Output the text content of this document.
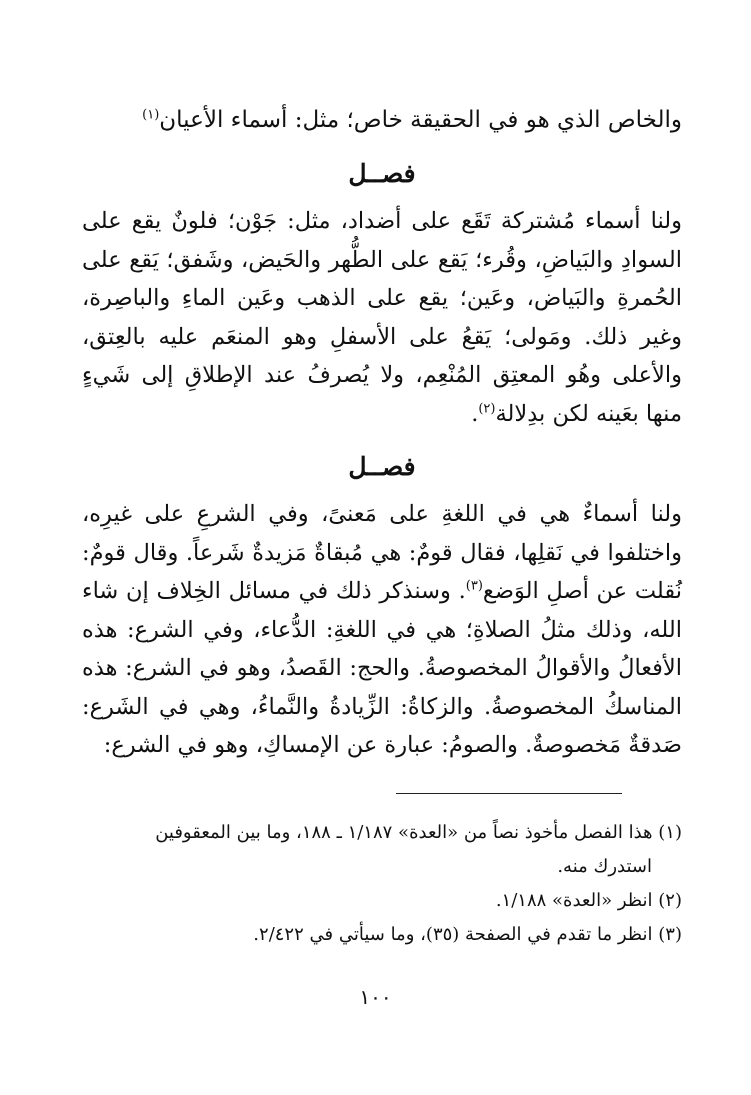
والخاص الذي هو في الحقيقة خاص؛ مثل: أسماء الأعيان$^{(١)}$

فصــل

ولنا أسماء مُشتركة تَقَع على أضداد، مثل: جَوْن؛ فلونٌ يقع على السوادِ والبَياضِ، وقُرء؛ يَقع على الطُّهر والحَيض، وشَفق؛ يَقع على الحُمرةِ والبَياض، وعَين؛ يقع على الذهب وعَين الماءِ والباصِرة، وغير ذلك. ومَولى؛ يَقعُ على الأسفلِ وهو المنعَم عليه بالعِتق، والأعلى وهُو المعتِق المُنْعِم، ولا يُصرفُ عند الإطلاقِ إلى شَيءٍ منها بعَينه لكن بدِلالة$^{(٢)}$.

فصــل

ولنا أسماءٌ هي في اللغةِ على مَعنىً، وفي الشرعِ على غيرِه، واختلفوا في نَقلِها، فقال قومٌ: هي مُبقاةٌ مَزيدةٌ شَرعاً. وقال قومٌ: نُقلت عن أصلِ الوَضع$^{(٣)}$. وسنذكر ذلك في مسائل الخِلاف إن شاء الله، وذلك مثلُ الصلاةِ؛ هي في اللغةِ: الدُّعاء، وفي الشرع: هذه الأفعالُ والأقوالُ المخصوصةُ. والحج: القَصدُ، وهو في الشرع: هذه المناسكُ المخصوصةُ. والزكاةُ: الزِّيادةُ والنَّماءُ، وهي في الشَرع: صَدقةٌ مَخصوصةٌ. والصومُ: عبارة عن الإمساكِ، وهو في الشرع:

(١) هذا الفصل مأخوذ نصاً من «العدة» ١/١٨٧ ـ ١٨٨، وما بين المعقوفين
استدرك منه.

(٢) انظر «العدة» ١/١٨٨.

(٣) انظر ما تقدم في الصفحة (٣٥)، وما سيأتي في ٢/٤٢٢.

١٠٠
